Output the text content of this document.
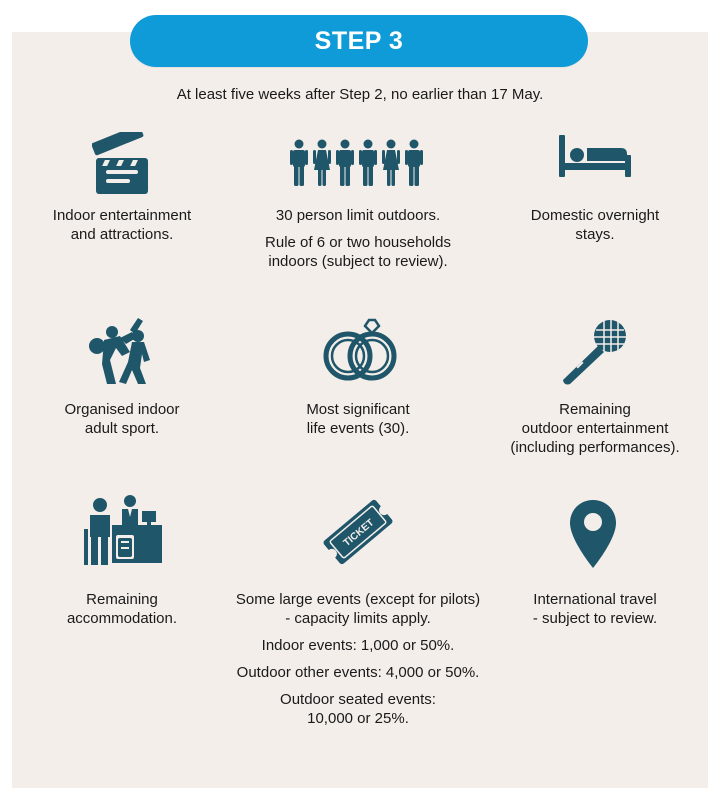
STEP 3
At least five weeks after Step 2, no earlier than 17 May.
TICKET
Indoor entertainment
and attractions.

30 person limit outdoors.

Rule of 6 or two households
indoors (subject to review).

Domestic overnight
stays.
Organised indoor
adult sport.
Most significant
life events (30).
Remaining
outdoor entertainment
(including performances).
Remaining
accommodation.

Some large events (except for pilots)
- capacity limits apply.

Indoor events: 1,000 or 50%.

Outdoor other events: 4,000 or 50%.

Outdoor seated events:
10,000 or 25%.

International travel
- subject to review.
